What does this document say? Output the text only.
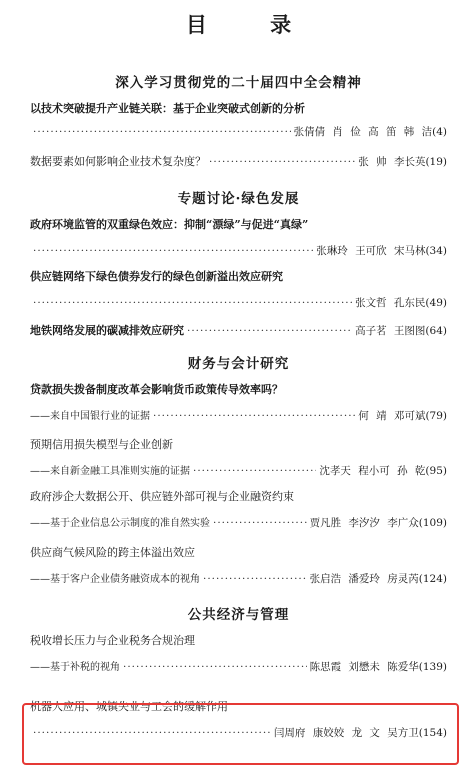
目 录
深入学习贯彻党的二十届四中全会精神
以技术突破提升产业链关联：基于企业突破式创新的分析
·····
张倩倩 肖 俭 高 笛 韩 洁(4)
数据要素如何影响企业技术复杂度？ ·····	张 帅 李长英(19)
专题讨论·绿色发展
政府环境监管的双重绿色效应：抑制“漂绿”与促进“真绿”
·····
张琳玲 王可欣 宋马林(34)
供应链网络下绿色债券发行的绿色创新溢出效应研究
·····
张文哲 孔东民(49)
地铁网络发展的碳减排效应研究 ·····	高子茗 王图图(64)
财务与会计研究
贷款损失拨备制度改革会影响货币政策传导效率吗？
——来自中国银行业的证据 ·····	何 靖 邓可斌(79)
预期信用损失模型与企业创新
——来自新金融工具准则实施的证据 ·····	沈孝天 程小可 孙 乾(95)
政府涉企大数据公开、供应链外部可视与企业融资约束
——基于企业信息公示制度的准自然实验 ·····	贾凡胜 李汐汐 李广众(109)
供应商气候风险的跨主体溢出效应
——基于客户企业债务融资成本的视角 ·····	张启浩 潘爱玲 房灵芮(124)
公共经济与管理
税收增长压力与企业税务合规治理
——基于补税的视角 ·····	陈思霞 刘懋未 陈爱华(139)
机器人应用、城镇失业与工会的缓解作用
·····
闫周府 康姣姣 龙 文 吴方卫(154)
